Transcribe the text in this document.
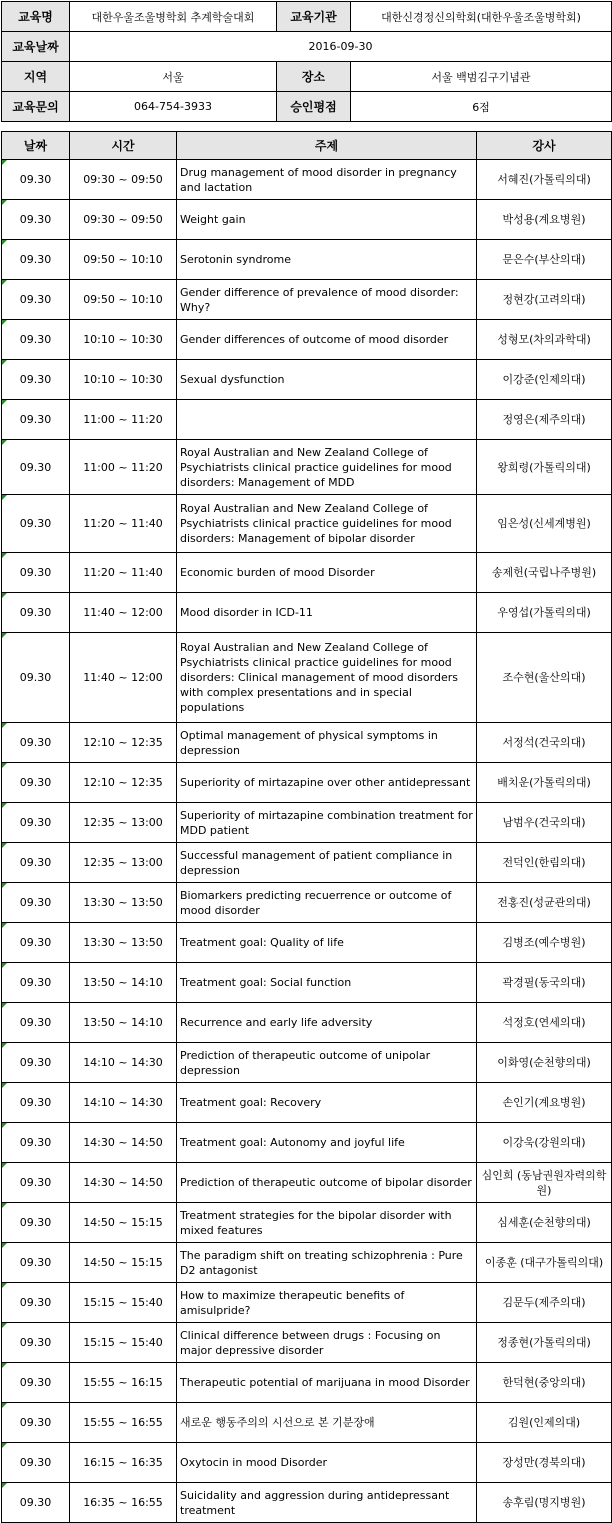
교육명	대한우울조울병학회 추계학술대회	교육기관	대한신경정신의학회(대한우울조울병학회)
교육날짜	2016-09-30		
지역	서울	장소	서울 백범김구기념관
교육문의	064-754-3933	승인평점	6점
날짜	시간	주제	강사

09.30	09:30 ~ 09:50	Drug management of mood disorder in pregnancy and lactation	서혜진(가톨릭의대)

09.30	09:30 ~ 09:50	Weight gain	박성용(계요병원)

09.30	09:50 ~ 10:10	Serotonin syndrome	문은수(부산의대)

09.30	09:50 ~ 10:10	Gender difference of prevalence of mood disorder: Why?	정현강(고려의대)

09.30	10:10 ~ 10:30	Gender differences of outcome of mood disorder	성형모(차의과학대)

09.30	10:10 ~ 10:30	Sexual dysfunction	이강준(인제의대)

09.30	11:00 ~ 11:20		정영은(제주의대)

09.30	11:00 ~ 11:20	Royal Australian and New Zealand College of Psychiatrists clinical practice guidelines for mood disorders: Management of MDD	왕희령(가톨릭의대)

09.30	11:20 ~ 11:40	Royal Australian and New Zealand College of Psychiatrists clinical practice guidelines for mood disorders: Management of bipolar disorder	임은성(신세계병원)

09.30	11:20 ~ 11:40	Economic burden of mood Disorder	송제헌(국립나주병원)

09.30	11:40 ~ 12:00	Mood disorder in ICD-11	우영섭(가톨릭의대)

09.30	11:40 ~ 12:00	Royal Australian and New Zealand College of Psychiatrists clinical practice guidelines for mood disorders: Clinical management of mood disorders with complex presentations and in special populations	조수현(울산의대)

09.30	12:10 ~ 12:35	Optimal management of physical symptoms in depression	서정석(건국의대)

09.30	12:10 ~ 12:35	Superiority of mirtazapine over other antidepressant	배치운(가톨릭의대)

09.30	12:35 ~ 13:00	Superiority of mirtazapine combination treatment for MDD patient	남범우(건국의대)

09.30	12:35 ~ 13:00	Successful management of patient compliance in depression	전덕인(한림의대)

09.30	13:30 ~ 13:50	Biomarkers predicting recuerrence or outcome of mood disorder	전홍진(성균관의대)

09.30	13:30 ~ 13:50	Treatment goal: Quality of life	김병조(예수병원)

09.30	13:50 ~ 14:10	Treatment goal: Social function	곽경필(동국의대)

09.30	13:50 ~ 14:10	Recurrence and early life adversity	석정호(연세의대)

09.30	14:10 ~ 14:30	Prediction of therapeutic outcome of unipolar depression	이화영(순천향의대)

09.30	14:10 ~ 14:30	Treatment goal: Recovery	손인기(계요병원)

09.30	14:30 ~ 14:50	Treatment goal: Autonomy and joyful life	이강욱(강원의대)

09.30	14:30 ~ 14:50	Prediction of therapeutic outcome of bipolar disorder	심인희 (동남권원자력의학원)

09.30	14:50 ~ 15:15	Treatment strategies for the bipolar disorder with mixed features	심세훈(순천향의대)

09.30	14:50 ~ 15:15	The paradigm shift on treating schizophrenia : Pure D2 antagonist	이종훈 (대구가톨릭의대)

09.30	15:15 ~ 15:40	How to maximize therapeutic benefits of amisulpride?	김문두(제주의대)

09.30	15:15 ~ 15:40	Clinical difference between drugs : Focusing on major depressive disorder	정종현(가톨릭의대)

09.30	15:55 ~ 16:15	Therapeutic potential of marijuana in mood Disorder	한덕현(중앙의대)

09.30	15:55 ~ 16:55	새로운 행동주의의 시선으로 본 기분장애	김원(인제의대)

09.30	16:15 ~ 16:35	Oxytocin in mood Disorder	장성만(경북의대)

09.30	16:35 ~ 16:55	Suicidality and aggression during antidepressant treatment	송후림(명지병원)
